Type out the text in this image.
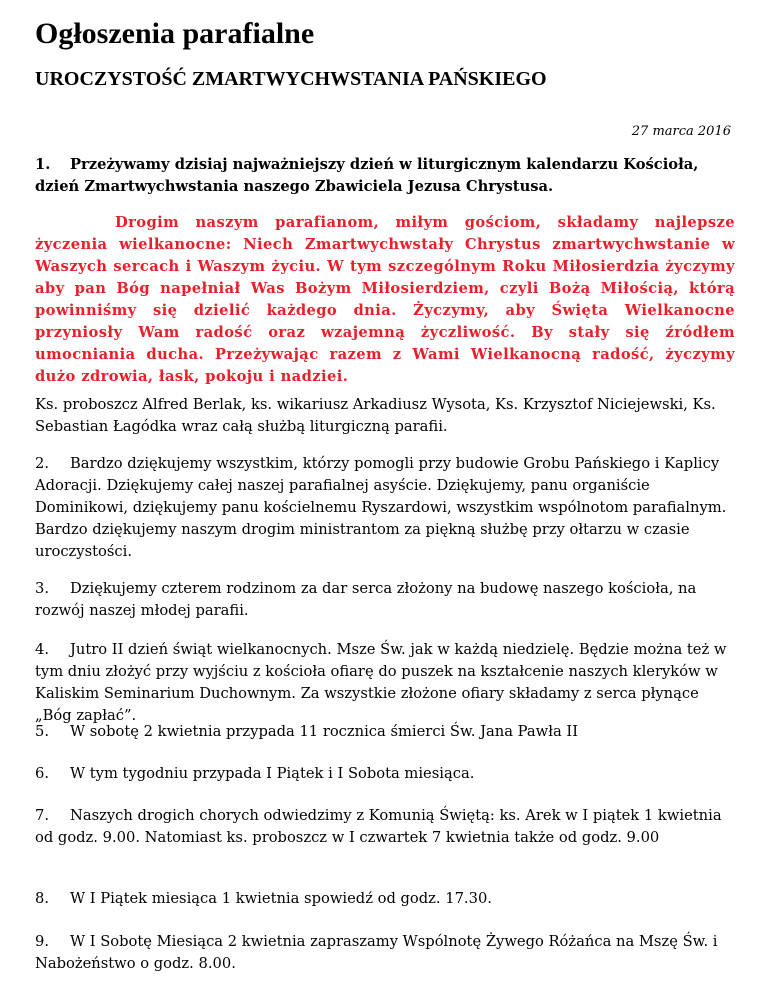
Ogłoszenia parafialne
UROCZYSTOŚĆ ZMARTWYCHWSTANIA PAŃSKIEGO
27 marca 2016

1. Przeżywamy dzisiaj najważniejszy dzień w liturgicznym kalendarzu Kościoła, dzień Zmartwychwstania naszego Zbawiciela Jezusa Chrystusa.

Drogim naszym parafianom, miłym gościom, składamy najlepsze życzenia wielkanocne: Niech Zmartwychwstały Chrystus zmartwychwstanie w Waszych sercach i Waszym życiu. W tym szczególnym Roku Miłosierdzia życzymy aby pan Bóg napełniał Was Bożym Miłosierdziem, czyli Bożą Miłością, którą powinniśmy się dzielić każdego dnia. Życzymy, aby Święta Wielkanocne przyniosły Wam radość oraz wzajemną życzliwość. By stały się źródłem umocniania ducha. Przeżywając razem z Wami Wielkanocną radość, życzymy dużo zdrowia, łask, pokoju i nadziei.

Ks. proboszcz Alfred Berlak, ks. wikariusz Arkadiusz Wysota, Ks. Krzysztof Niciejewski, Ks. Sebastian Łagódka wraz całą służbą liturgiczną parafii.

2. Bardzo dziękujemy wszystkim, którzy pomogli przy budowie Grobu Pańskiego i Kaplicy Adoracji. Dziękujemy całej naszej parafialnej asyście. Dziękujemy, panu organiście Dominikowi, dziękujemy panu kościelnemu Ryszardowi, wszystkim wspólnotom parafialnym. Bardzo dziękujemy naszym drogim ministrantom za piękną służbę przy ołtarzu w czasie uroczystości.

3. Dziękujemy czterem rodzinom za dar serca złożony na budowę naszego kościoła, na rozwój naszej młodej parafii.

4. Jutro II dzień świąt wielkanocnych. Msze Św. jak w każdą niedzielę. Będzie można też w tym dniu złożyć przy wyjściu z kościoła ofiarę do puszek na kształcenie naszych kleryków w Kaliskim Seminarium Duchownym. Za wszystkie złożone ofiary składamy z serca płynące „Bóg zapłać”.

5. W sobotę 2 kwietnia przypada 11 rocznica śmierci Św. Jana Pawła II

6. W tym tygodniu przypada I Piątek i I Sobota miesiąca.

7. Naszych drogich chorych odwiedzimy z Komunią Świętą: ks. Arek w I piątek 1 kwietnia od godz. 9.00. Natomiast ks. proboszcz w I czwartek 7 kwietnia także od godz. 9.00

8. W I Piątek miesiąca 1 kwietnia spowiedź od godz. 17.30.

9. W I Sobotę Miesiąca 2 kwietnia zapraszamy Wspólnotę Żywego Różańca na Mszę Św. i Nabożeństwo o godz. 8.00.
